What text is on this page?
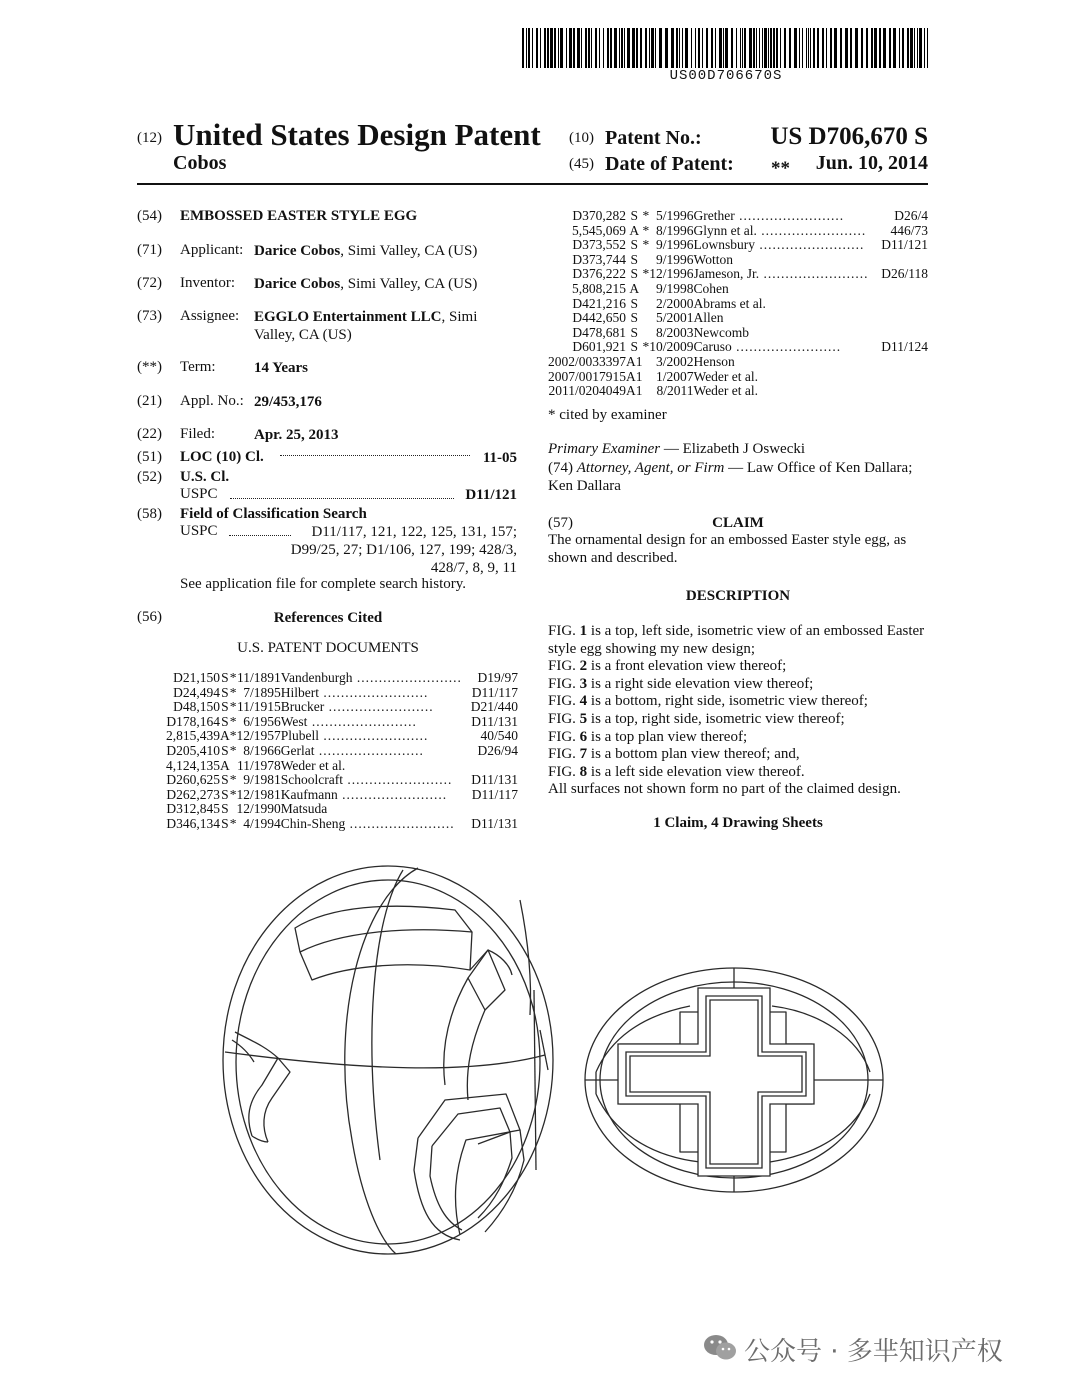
US00D706670S
(12) United States Design Patent
Cobos
(10) Patent No.:	US D706,670 S
(45) Date of Patent: ** Jun. 10, 2014
(54) EMBOSSED EASTER STYLE EGG
(71) Applicant: Darice Cobos, Simi Valley, CA (US)
(72) Inventor: Darice Cobos, Simi Valley, CA (US)
(73) Assignee: EGGLO Entertainment LLC, Simi
Valley, CA (US)
(**) Term:	14 Years
(21) Appl. No.: 29/453,176
(22) Filed:	Apr. 25, 2013
(51) LOC (10) Cl.	11-05
(52) U.S. Cl.
USPC	D11/121
(58) Field of Classification Search
USPC	D11/117, 121, 122, 125, 131, 157;
D99/25, 27; D1/106, 127, 199; 428/3,
428/7, 8, 9, 11
See application file for complete search history.
(56)	References Cited
U.S. PATENT DOCUMENTS
D21,150	S	*	11/1891		Vandenburgh ........................		D19/97
D24,494	S	*	7/1895		Hilbert ........................		D11/117
D48,150	S	*	11/1915		Brucker ........................		D21/440
D178,164	S	*	6/1956		West ........................		D11/131
2,815,439	A	*	12/1957		Plubell ........................		40/540
D205,410	S	*	8/1966		Gerlat ........................		D26/94
4,124,135	A		11/1978		Weder et al.		
D260,625	S	*	9/1981		Schoolcraft ........................		D11/131
D262,273	S	*	12/1981		Kaufmann ........................		D11/117
D312,845	S		12/1990		Matsuda		
D346,134	S	*	4/1994		Chin-Sheng ........................		D11/131
D370,282	S	*	5/1996		Grether ........................		D26/4
5,545,069	A	*	8/1996		Glynn et al. ........................		446/73
D373,552	S	*	9/1996		Lownsbury ........................		D11/121
D373,744	S		9/1996		Wotton		
D376,222	S	*	12/1996		Jameson, Jr. ........................		D26/118
5,808,215	A		9/1998		Cohen		
D421,216	S		2/2000		Abrams et al.		
D442,650	S		5/2001		Allen		
D478,681	S		8/2003		Newcomb		
D601,921	S	*	10/2009		Caruso ........................		D11/124
2002/0033397	A1		3/2002		Henson		
2007/0017915	A1		1/2007		Weder et al.		
2011/0204049	A1		8/2011		Weder et al.		
* cited by examiner
Primary Examiner — Elizabeth J Oswecki
(74) Attorney, Agent, or Firm — Law Office of Ken Dallara;
Ken Dallara
(57)	CLAIM
The ornamental design for an embossed Easter style egg, as
shown and described.
DESCRIPTION
FIG. 1 is a top, left side, isometric view of an embossed Easter
style egg showing my new design;
FIG. 2 is a front elevation view thereof;
FIG. 3 is a right side elevation view thereof;
FIG. 4 is a bottom, right side, isometric view thereof;
FIG. 5 is a top, right side, isometric view thereof;
FIG. 6 is a top plan view thereof;
FIG. 7 is a bottom plan view thereof; and,
FIG. 8 is a left side elevation view thereof.
All surfaces not shown form no part of the claimed design.
1 Claim, 4 Drawing Sheets
公众号 · 多芈知识产权
